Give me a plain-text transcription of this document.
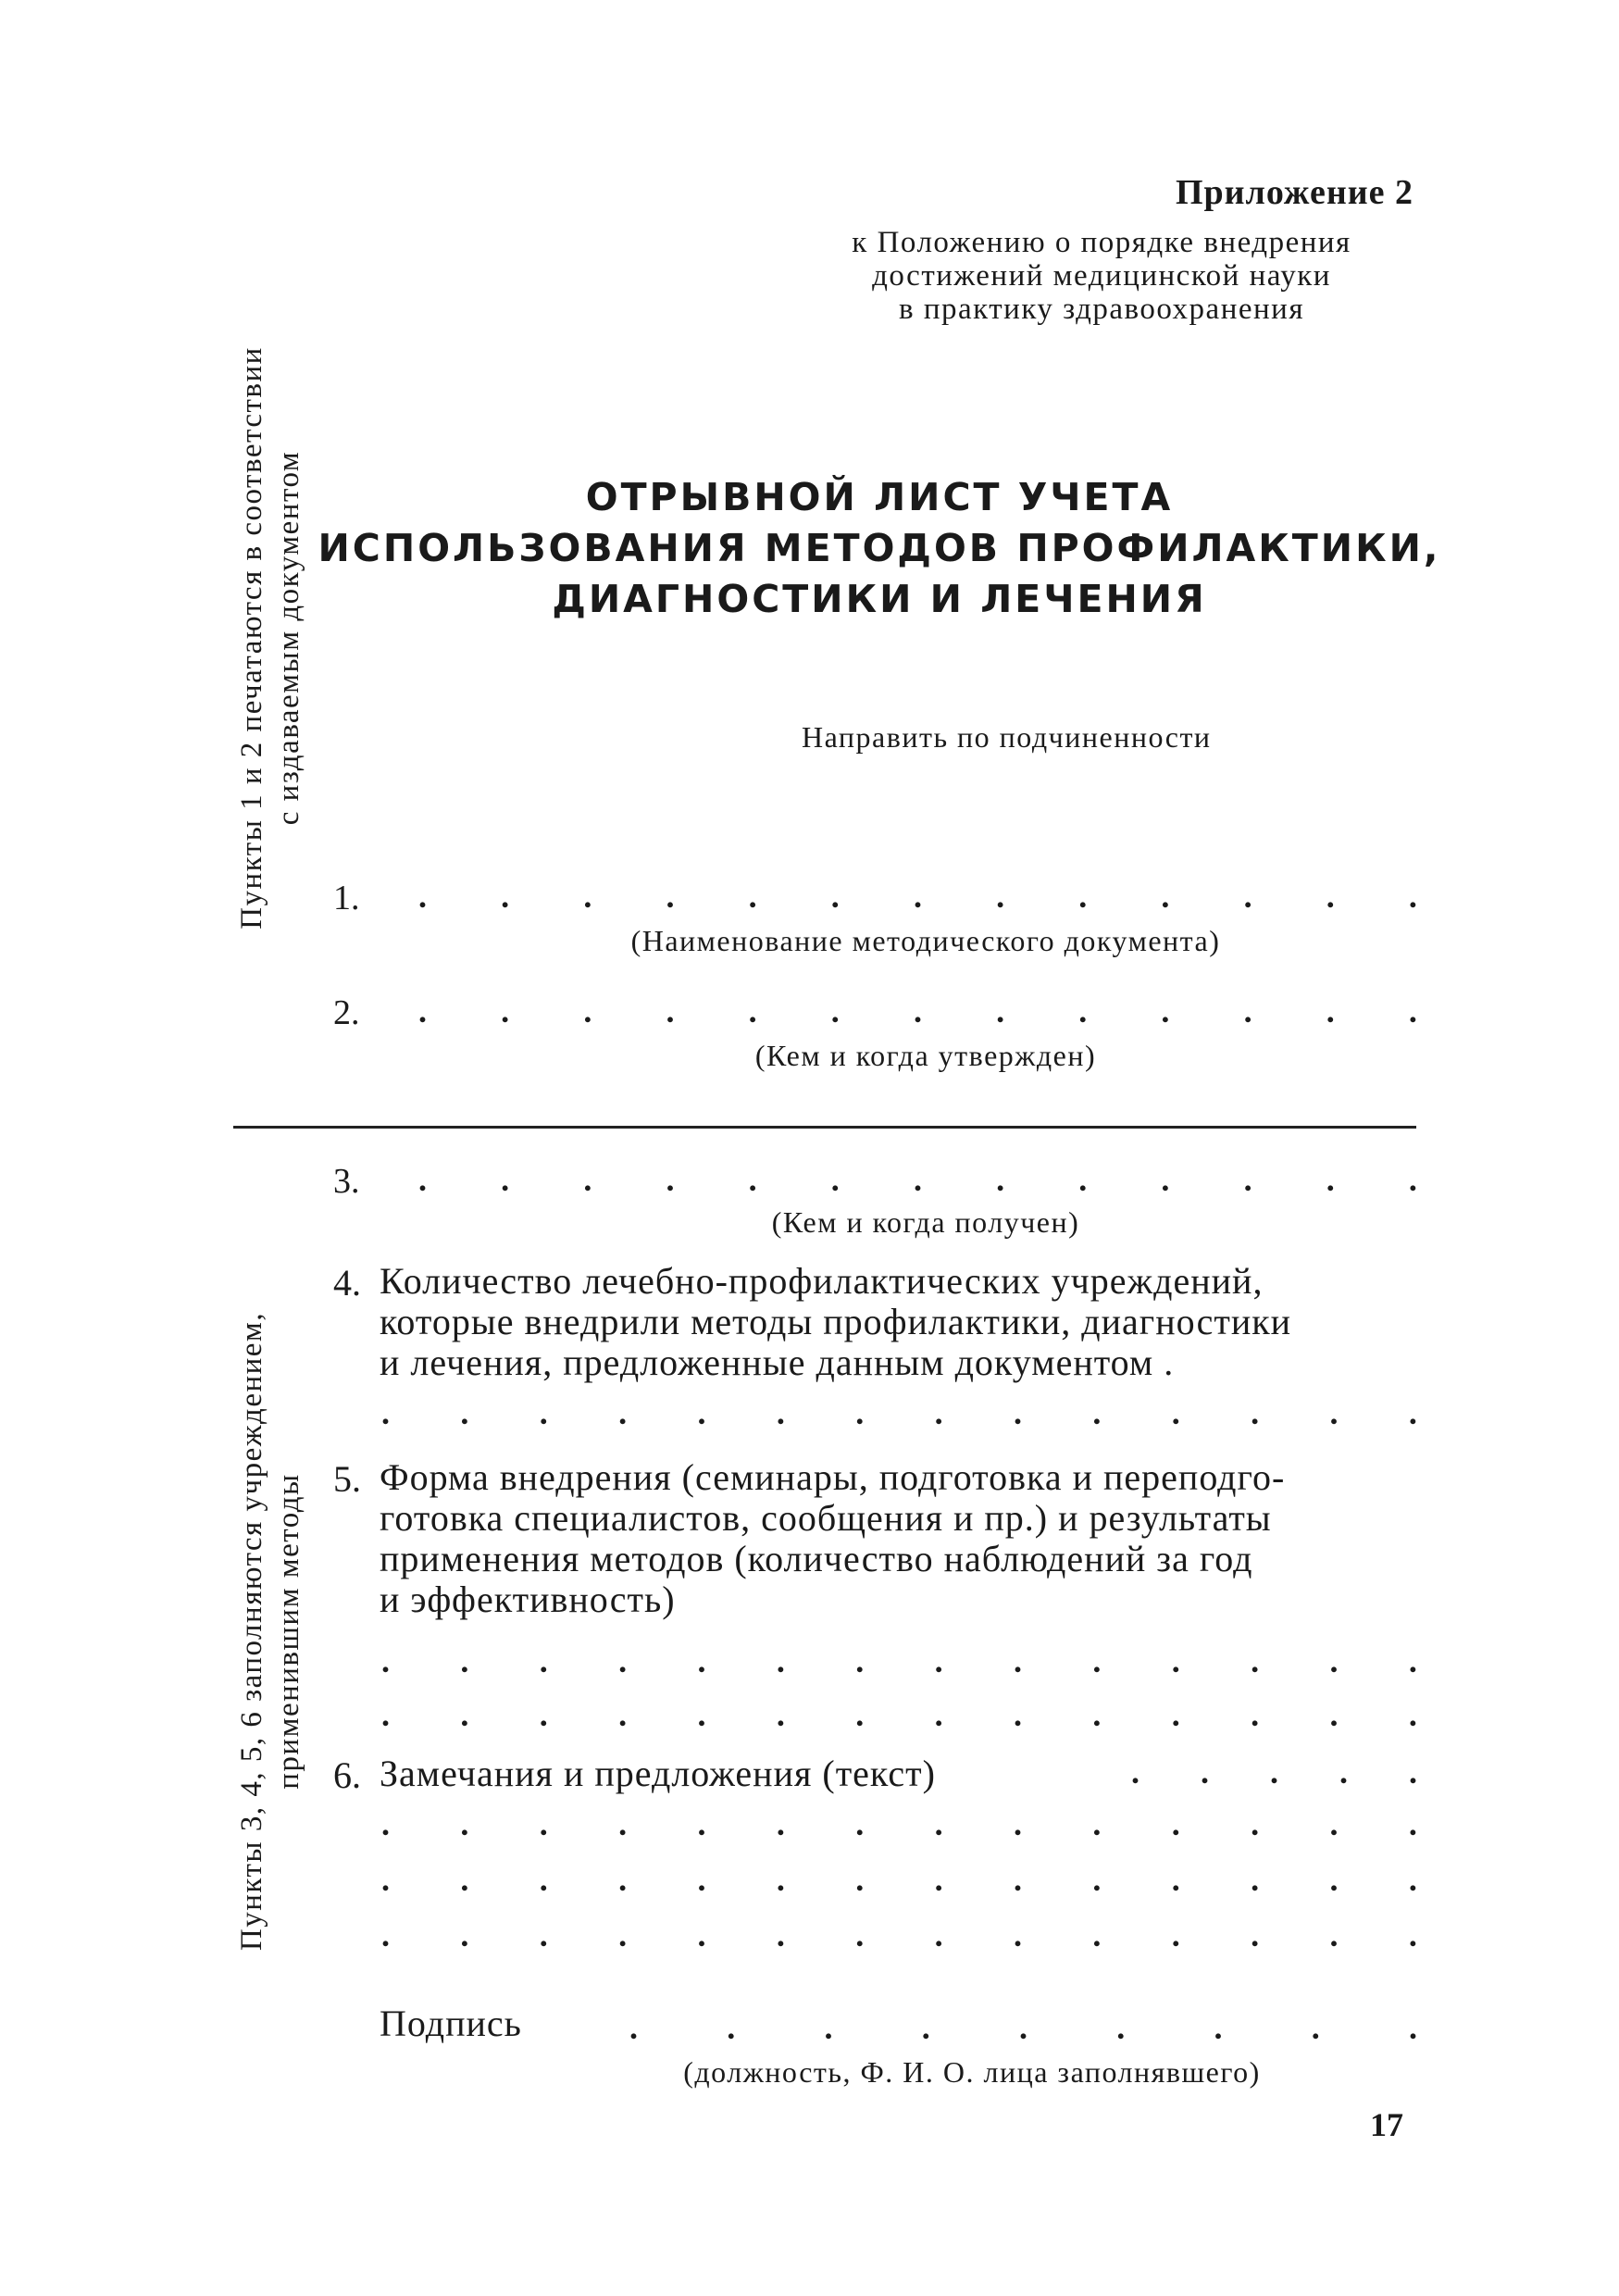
Приложение 2
к Положению о порядке внедрения
достижений медицинской науки
в практику здравоохранения
ОТРЫВНОЙ ЛИСТ УЧЕТА
ИСПОЛЬЗОВАНИЯ МЕТОДОВ ПРОФИЛАКТИКИ,
ДИАГНОСТИКИ И ЛЕЧЕНИЯ
Направить по подчиненности
1. . . . . . . . . . . . . .
(Наименование методического документа)
2. . . . . . . . . . . . . .
(Кем и когда утвержден)
3. . . . . . . . . . . . . .
(Кем и когда получен)
4. Количество лечебно-профилактических учреждений,
которые внедрили методы профилактики, диагностики
и лечения, предложенные данным документом .
. . . . . . . . . . . . . .
5. Форма внедрения (семинары, подготовка и переподго-
готовка специалистов, сообщения и пр.) и результаты
применения методов (количество наблюдений за год
и эффективность)
. . . . . . . . . . . . . .
. . . . . . . . . . . . . .
6. Замечания и предложения (текст)	. . . . .
. . . . . . . . . . . . . .
. . . . . . . . . . . . . .
. . . . . . . . . . . . . .
Подпись	.	.	.	.	.	.	.	.	.
(должность, Ф. И. О. лица заполнявшего)
Пункты 1 и 2 печатаются в соответствии с издаваемым документом
Пункты 3, 4, 5, 6 заполняются учреждением, применившим методы
17
